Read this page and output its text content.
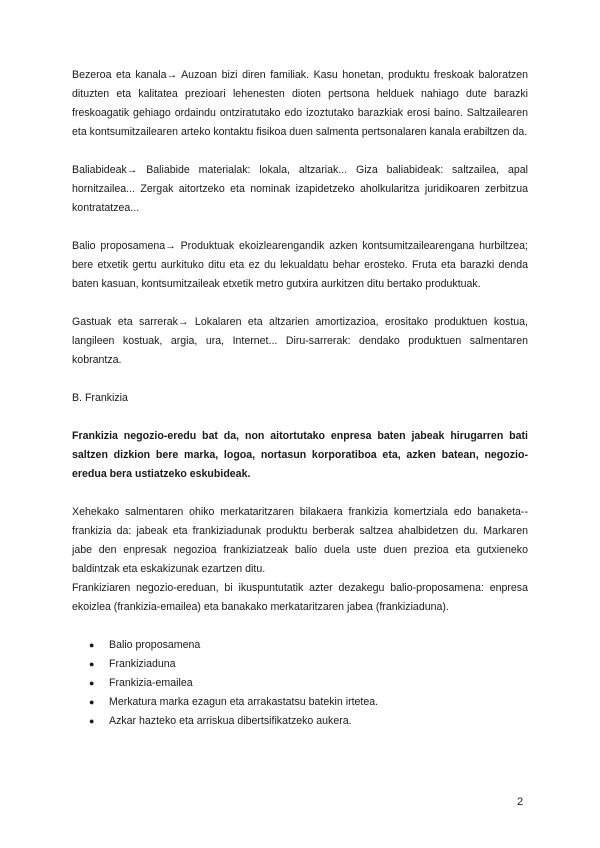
Bezeroa eta kanala→ Auzoan bizi diren familiak. Kasu honetan, produktu freskoak baloratzen dituzten eta kalitatea prezioari lehenesten dioten pertsona helduek nahiago dute barazki freskoagatik gehiago ordaindu ontziratutako edo izoztutako barazkiak erosi baino. Saltzailearen eta kontsumitzailearen arteko kontaktu fisikoa duen salmenta pertsonalaren kanala erabiltzen da.

Baliabideak→ Baliabide materialak: lokala, altzariak... Giza baliabideak: saltzailea, apal hornitzailea... Zergak aitortzeko eta nominak izapidetzeko aholkularitza juridikoaren zerbitzua kontratatzea...

Balio proposamena→ Produktuak ekoizlearengandik azken kontsumitzailearengana hurbiltzea; bere etxetik gertu aurkituko ditu eta ez du lekualdatu behar erosteko. Fruta eta barazki denda baten kasuan, kontsumitzaileak etxetik metro gutxira aurkitzen ditu bertako produktuak.

Gastuak eta sarrerak→ Lokalaren eta altzarien amortizazioa, erositako produktuen kostua, langileen kostuak, argia, ura, Internet... Diru-sarrerak: dendako produktuen salmentaren kobrantza.

B. Frankizia

Frankizia negozio-eredu bat da, non aitortutako enpresa baten jabeak hirugarren bati saltzen dizkion bere marka, logoa, nortasun korporatiboa eta, azken batean, negozio-eredua bera ustiatzeko eskubideak.

Xehekako salmentaren ohiko merkataritzaren bilakaera frankizia komertziala edo banaketa--frankizia da: jabeak eta frankiziadunak produktu berberak saltzea ahalbidetzen du. Markaren jabe den enpresak negozioa frankiziatzeak balio duela uste duen prezioa eta gutxieneko baldintzak eta eskakizunak ezartzen ditu.

Frankiziaren negozio-ereduan, bi ikuspuntutatik azter dezakegu balio-proposamena: enpresa ekoizlea (frankizia-emailea) eta banakako merkataritzaren jabea (frankiziaduna).

● Balio proposamena
● Frankiziaduna
● Frankizia-emailea
● Merkatura marka ezagun eta arrakastatsu batekin irtetea.
● Azkar hazteko eta arriskua dibertsifikatzeko aukera.
2
